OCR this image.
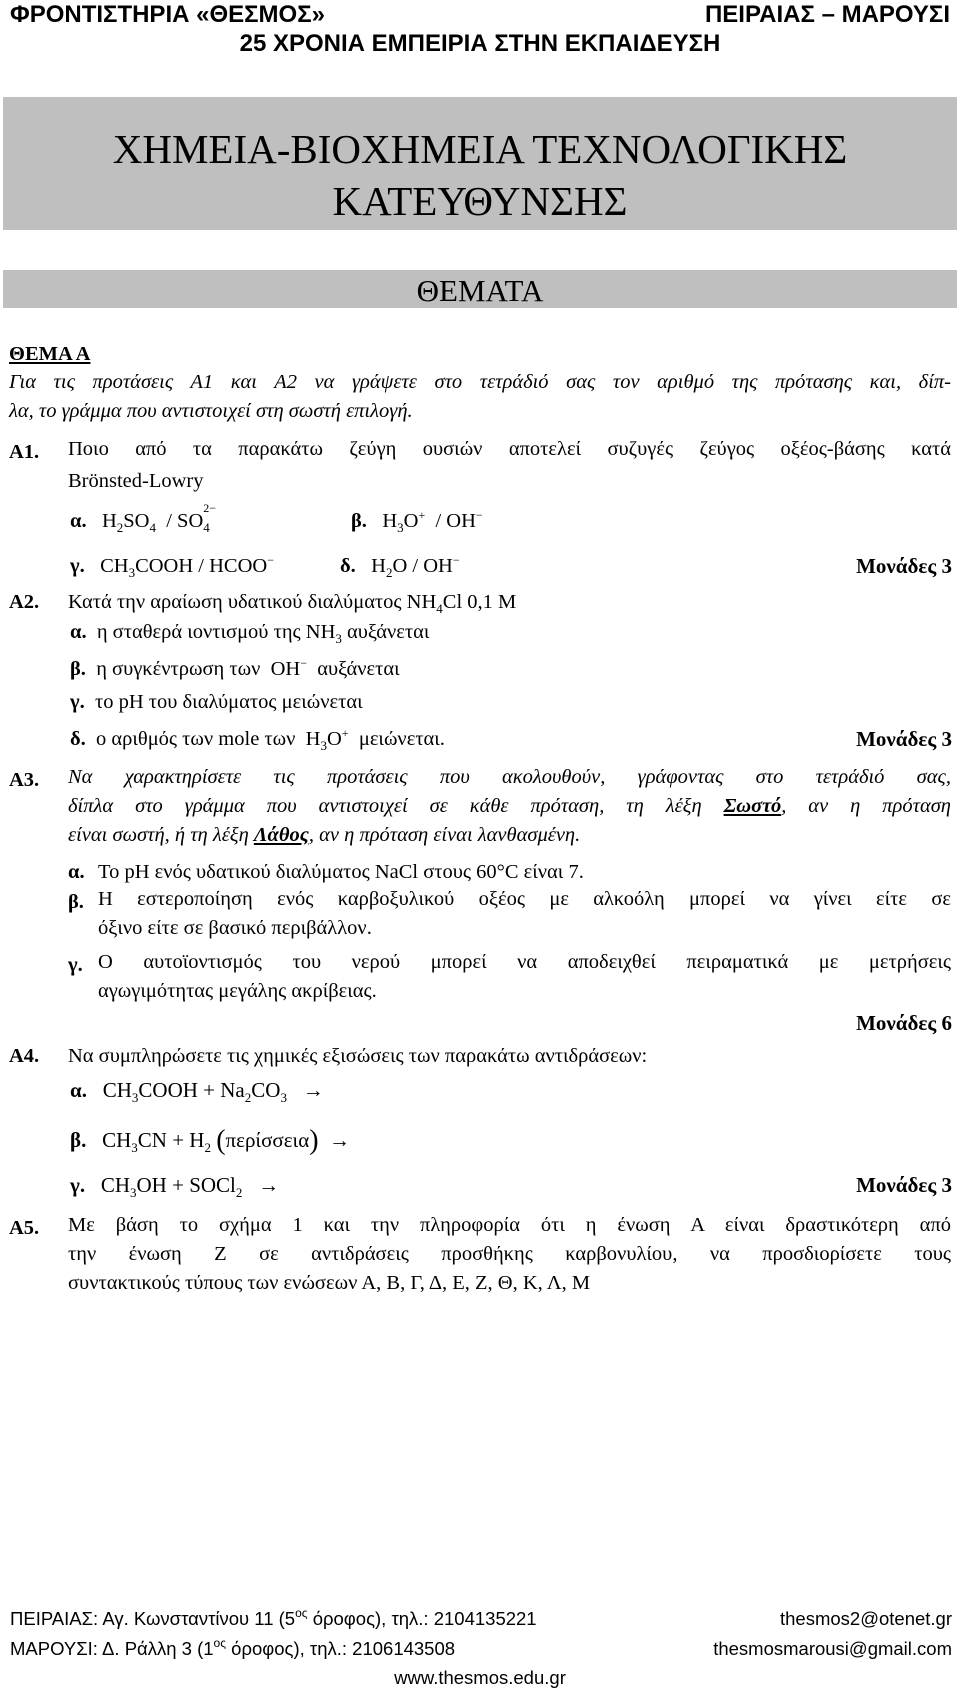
ΦΡΟΝΤΙΣΤΗΡΙΑ «ΘΕΣΜΟΣ»	ΠΕΙΡΑΙΑΣ – ΜΑΡΟΥΣΙ
25 ΧΡΟΝΙΑ ΕΜΠΕΙΡΙΑ ΣΤΗΝ ΕΚΠΑΙΔΕΥΣΗ
ΧΗΜΕΙΑ-ΒΙΟΧΗΜΕΙΑ ΤΕΧΝΟΛΟΓΙΚΗΣ
ΚΑΤΕΥΘΥΝΣΗΣ
ΘΕΜΑΤΑ
ΘΕΜΑ Α
Για τις προτάσεις Α1 και Α2 να γράψετε στο τετράδιό σας τον αριθμό της πρότασης και, δίπ-
λα, το γράμμα που αντιστοιχεί στη σωστή επιλογή.
Α1. Ποιο από τα παρακάτω ζεύγη ουσιών αποτελεί συζυγές ζεύγος οξέος-βάσης κατά
Brönsted-Lowry
α.   $H_2SO_4$  / SO
2−
$_4$	β.   $H_3O^+ / OH^-$
γ.   $CH_3COOH$ / HCOO−	δ.   $H_2O / OH^-$	Μονάδες 3
Α2. Κατά την αραίωση υδατικού διαλύματος $NH_4Cl$ 0,1 M
α. η σταθερά ιοντισμού της $NH_3$ αυξάνεται
β. η συγκέντρωση των  OH− αυξάνεται
γ. το pH του διαλύματος μειώνεται
δ. ο αριθμός των mole των  $H_3O^+$ μειώνεται.	Μονάδες 3
Α3. Να χαρακτηρίσετε τις προτάσεις που ακολουθούν, γράφοντας στο τετράδιό σας,
δίπλα στο γράμμα που αντιστοιχεί σε κάθε πρόταση, τη λέξη Σωστό, αν η πρόταση
είναι σωστή, ή τη λέξη Λάθος, αν η πρόταση είναι λανθασμένη.
α. Το pH ενός υδατικού διαλύματος NaCl στους 60°C είναι 7.
β. Η εστεροποίηση ενός καρβοξυλικού οξέος με αλκοόλη μπορεί να γίνει είτε σε
όξινο είτε σε βασικό περιβάλλον.
γ. Ο αυτοϊοντισμός του νερού μπορεί να αποδειχθεί πειραματικά με μετρήσεις
αγωγιμότητας μεγάλης ακρίβειας.
Μονάδες 6
Α4. Να συμπληρώσετε τις χημικές εξισώσεις των παρακάτω αντιδράσεων:
α.   $CH_3COOH + Na_2CO_3$   →
β.   $CH_3CN + H_2$ (περίσσεια)  →
γ.   $CH_3OH$ + SOCl$_2$   →	Μονάδες 3
Α5. Με βάση το σχήμα 1 και την πληροφορία ότι η ένωση Α είναι δραστικότερη από
την ένωση Ζ σε αντιδράσεις προσθήκης καρβονυλίου, να προσδιορίσετε τους
συντακτικούς τύπους των ενώσεων Α, Β, Γ, Δ, Ε, Ζ, Θ, Κ, Λ, Μ
ΠΕΙΡΑΙΑΣ: Αγ. Κωνσταντίνου 11 ($5^{o\varsigma}$ όροφος), τηλ.: 2104135221	thesmos2@otenet.gr
ΜΑΡΟΥΣΙ: Δ. Ράλλη 3 ($1^{o\varsigma}$ όροφος), τηλ.: 2106143508	thesmosmarousi@gmail.com
www.thesmos.edu.gr
